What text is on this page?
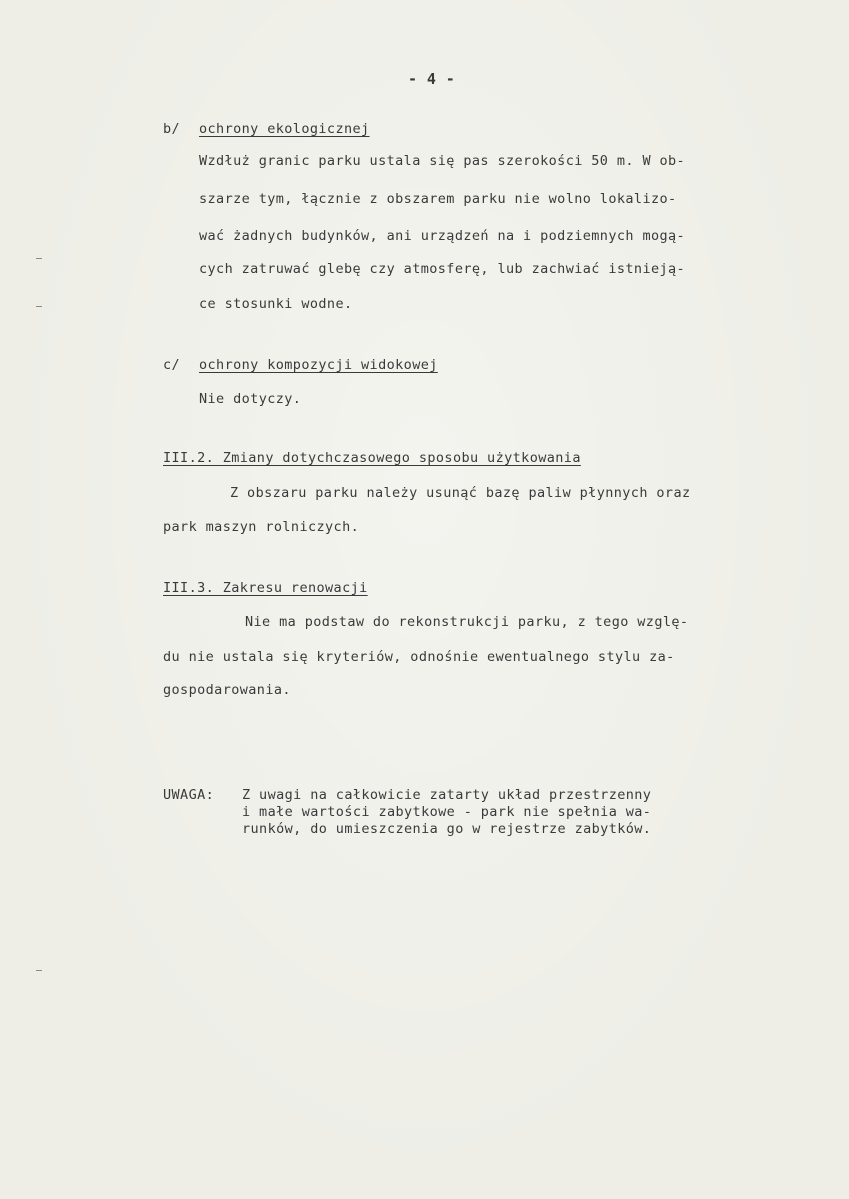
- 4 -
b/ ochrony ekologicznej
Wzdłuż granic parku ustala się pas szerokości 50 m. W ob-
szarze tym, łącznie z obszarem parku nie wolno lokalizo-
wać żadnych budynków, ani urządzeń na i podziemnych mogą-
cych zatruwać glebę czy atmosferę, lub zachwiać istnieją-
ce stosunki wodne.
c/ ochrony kompozycji widokowej
Nie dotyczy.
III.2. Zmiany dotychczasowego sposobu użytkowania
Z obszaru parku należy usunąć bazę paliw płynnych oraz
park maszyn rolniczych.
III.3. Zakresu renowacji
Nie ma podstaw do rekonstrukcji parku, z tego wzglę-
du nie ustala się kryteriów, odnośnie ewentualnego stylu za-
gospodarowania.
UWAGA: Z uwagi na całkowicie zatarty układ przestrzenny
i małe wartości zabytkowe - park nie spełnia wa-
runków, do umieszczenia go w rejestrze zabytków.
